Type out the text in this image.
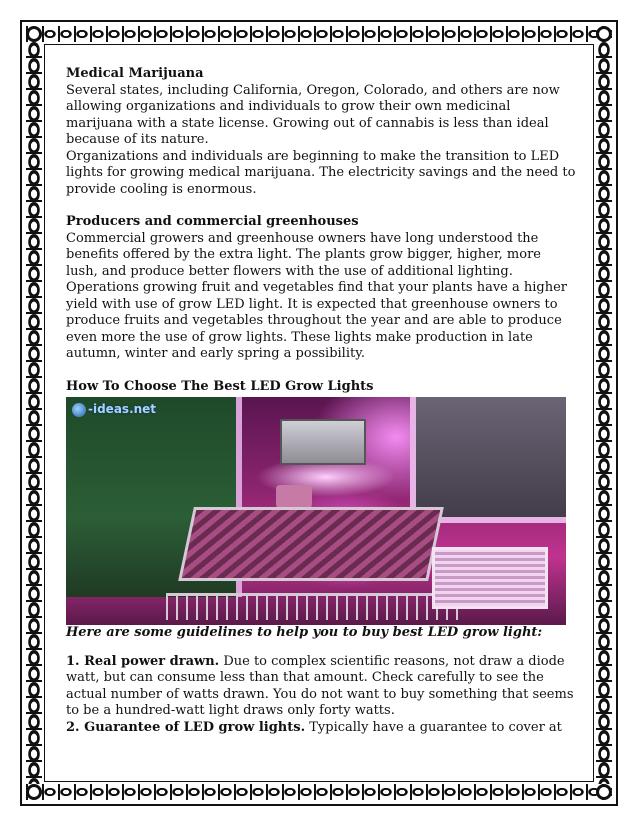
Medical Marijuana

Several states, including California, Oregon, Colorado, and others are now allowing organizations and individuals to grow their own medicinal marijuana with a state license. Growing out of cannabis is less than ideal because of its nature.

Organizations and individuals are beginning to make the transition to LED lights for growing medical marijuana. The electricity savings and the need to provide cooling is enormous.

Producers and commercial greenhouses

Commercial growers and greenhouse owners have long understood the benefits offered by the extra light. The plants grow bigger, higher, more lush, and produce better flowers with the use of additional lighting. Operations growing fruit and vegetables find that your plants have a higher yield with use of grow LED light. It is expected that greenhouse owners to produce fruits and vegetables throughout the year and are able to produce even more the use of grow lights. These lights make production in late autumn, winter and early spring a possibility.

How To Choose The Best LED Grow Lights

-ideas.net

Here are some guidelines to help you to buy best LED grow light:

1. Real power drawn. Due to complex scientific reasons, not draw a diode watt, but can consume less than that amount. Check carefully to see the actual number of watts drawn. You do not want to buy something that seems to be a hundred-watt light draws only forty watts.

2. Guarantee of LED grow lights. Typically have a guarantee to cover at
